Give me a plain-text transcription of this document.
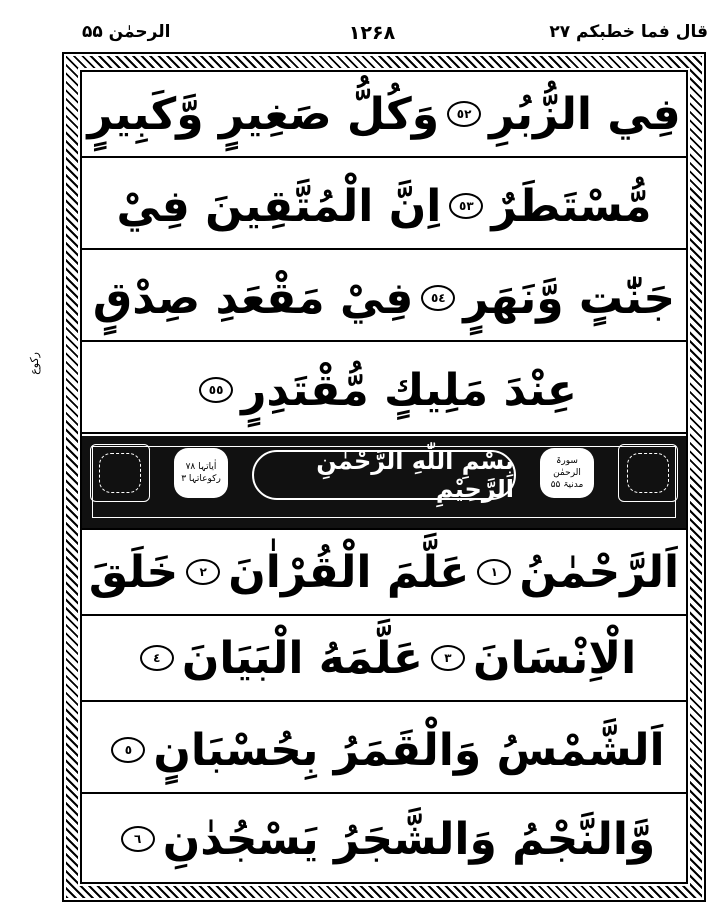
الرحمٰن ۵۵	۱۲۶۸	قال فما خطبکم ۲۷
رکوع
فِي الزُّبُرِ
٥٢
وَكُلُّ صَغِيرٍ وَّكَبِيرٍ
مُّسْتَطَرٌ
٥٣
اِنَّ الْمُتَّقِينَ فِيْ
جَنّٰتٍ وَّنَهَرٍ
٥٤
فِيْ مَقْعَدِ صِدْقٍ
عِنْدَ مَلِيكٍ مُّقْتَدِرٍ
٥٥
اٰیاتہا ۷۸
رکوعاتہا ۳
بِسْمِ اللّٰهِ الرَّحْمٰنِ الرَّحِيْمِ
سورۃ
الرحمٰن
مدنیۃ ۵۵
اَلرَّحْمٰنُ
١
عَلَّمَ الْقُرْاٰنَ
٢
خَلَقَ
الْاِنْسَانَ
٣
عَلَّمَهُ الْبَيَانَ
٤
اَلشَّمْسُ وَالْقَمَرُ بِحُسْبَانٍ
٥
وَّالنَّجْمُ وَالشَّجَرُ يَسْجُدٰنِ
٦
